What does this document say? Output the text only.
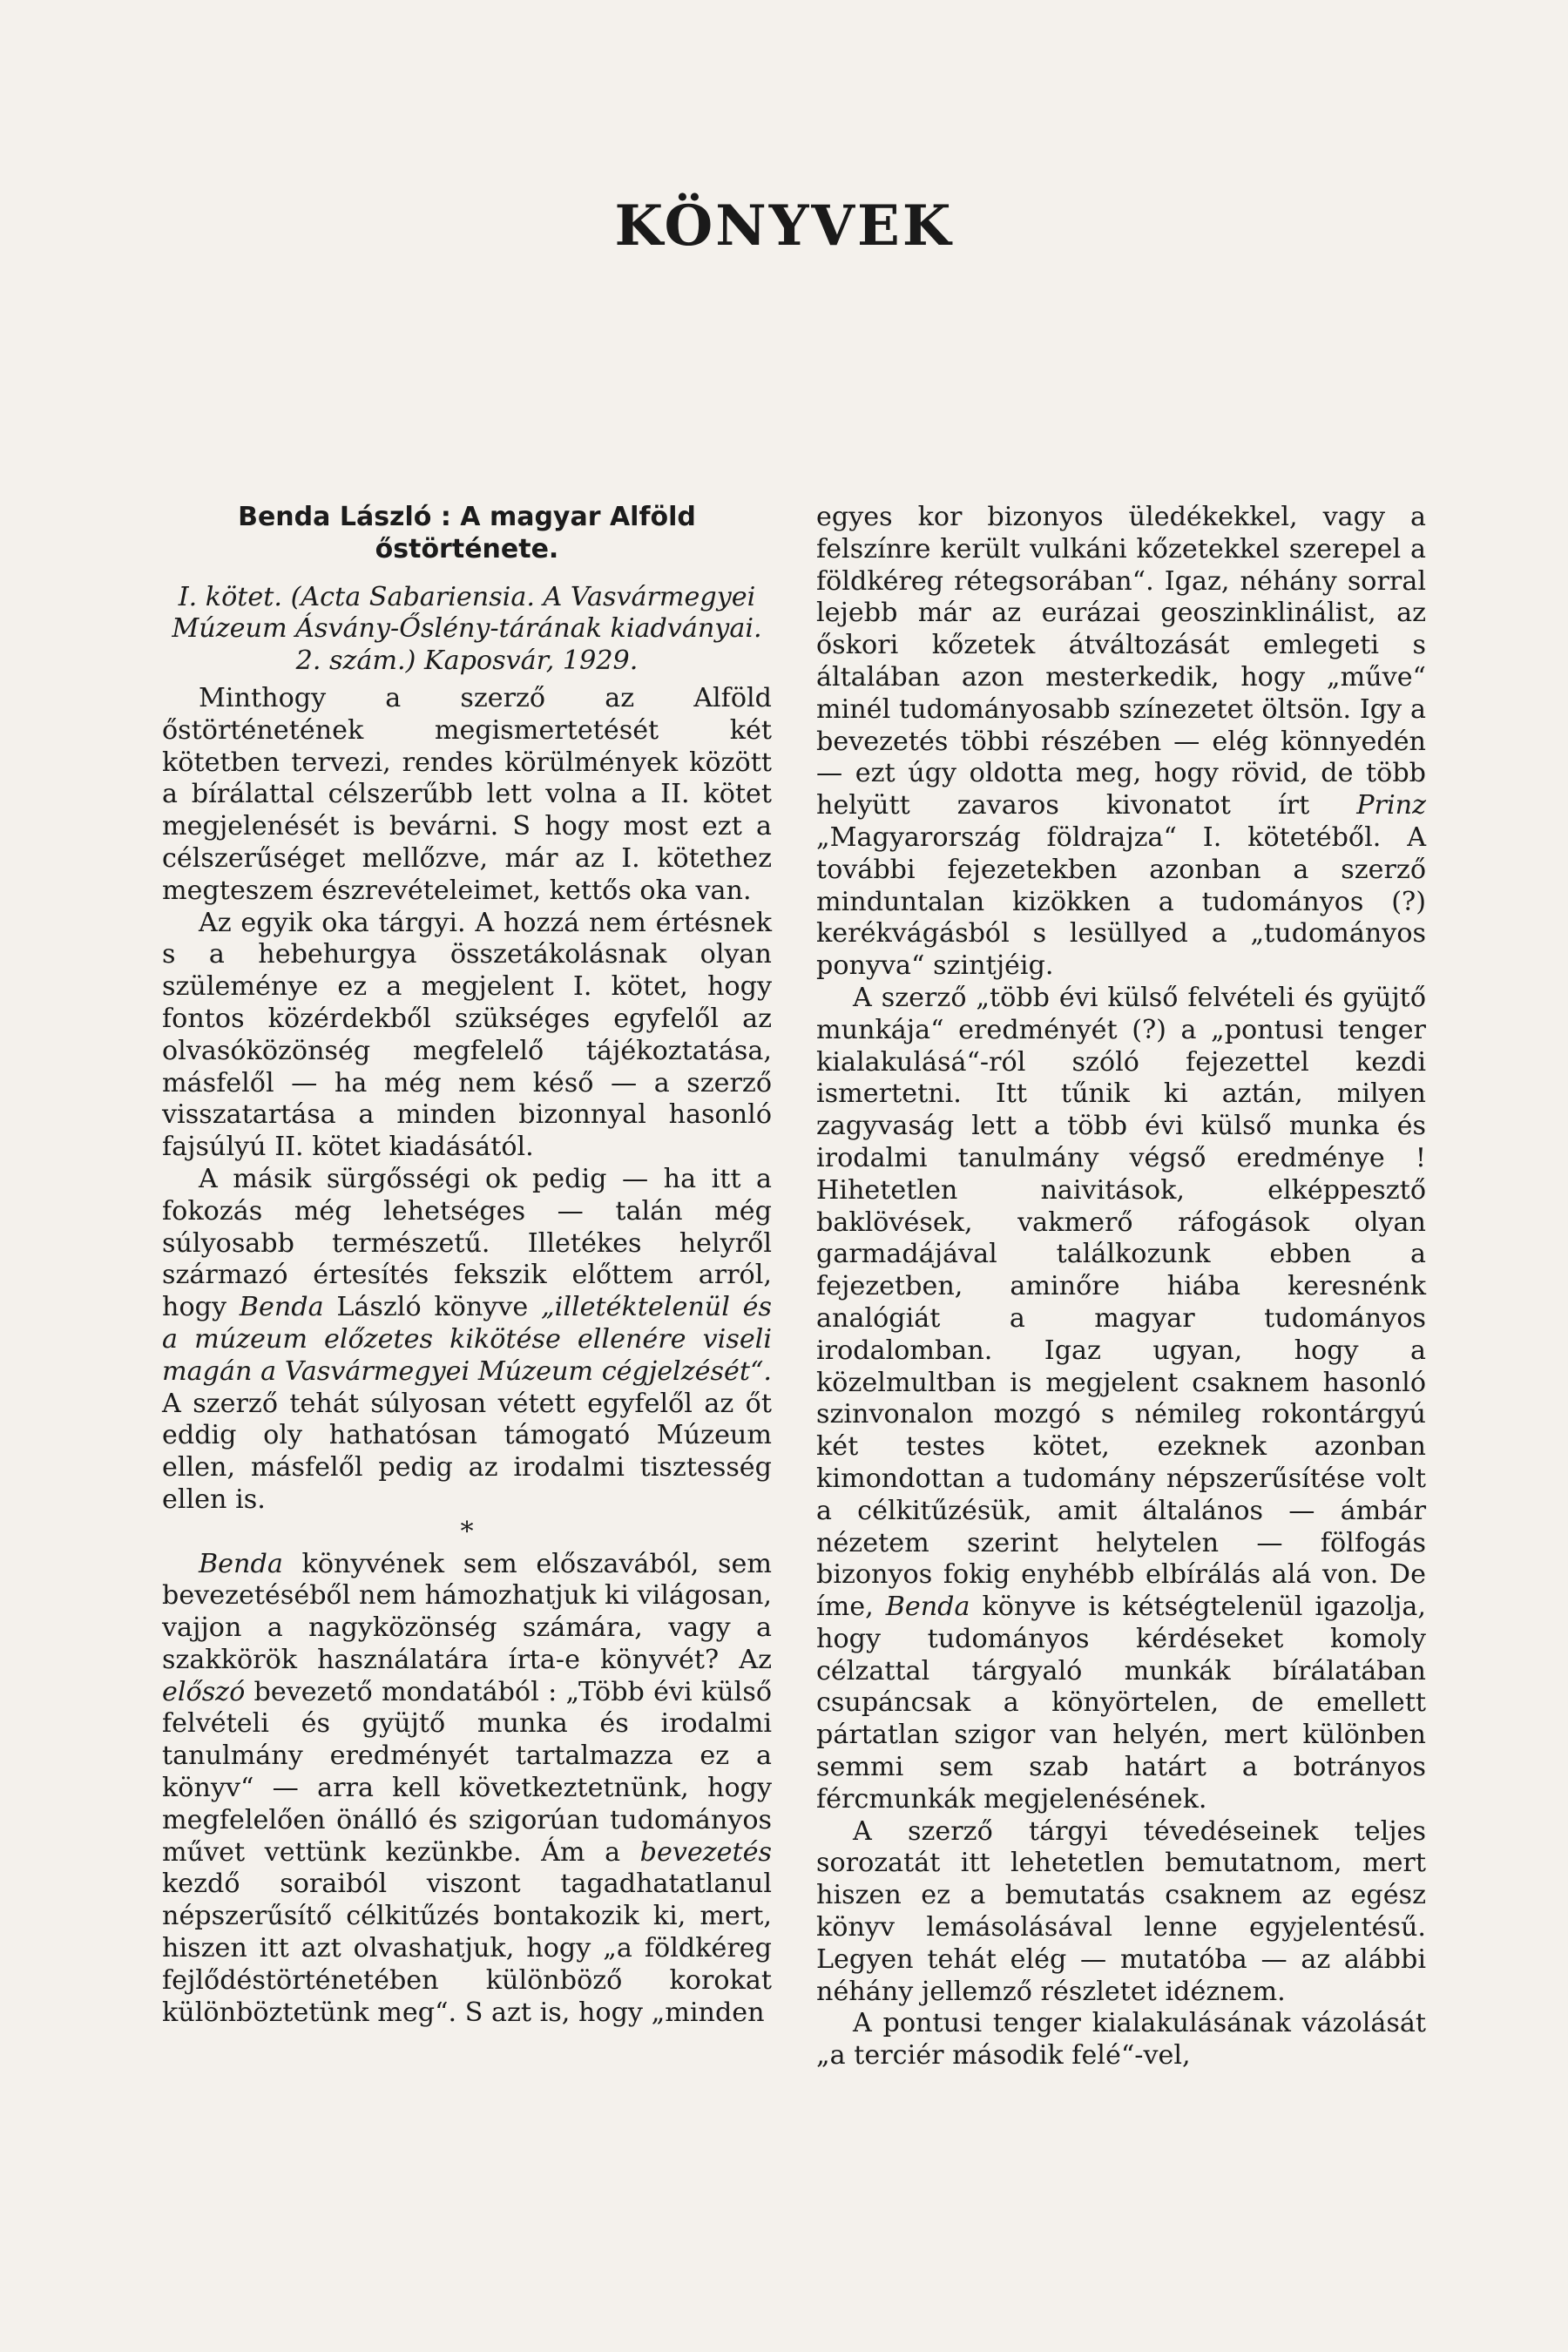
KÖNYVEK

Benda László : A magyar Alföld őstörténete.

I. kötet. (Acta Sabariensia. A Vasvármegyei Múzeum Ásvány-Őslény-tárának kiadványai. 2. szám.) Kaposvár, 1929.

Minthogy a szerző az Alföld őstörténetének megismertetését két kötetben tervezi, rendes körülmények között a bírálattal célszerűbb lett volna a II. kötet megjelenését is bevárni. S hogy most ezt a célszerűséget mellőzve, már az I. kötethez megteszem észrevételeimet, kettős oka van.

Az egyik oka tárgyi. A hozzá nem értésnek s a hebehurgya összetákolásnak olyan szüleménye ez a megjelent I. kötet, hogy fontos közérdekből szükséges egyfelől az olvasóközönség megfelelő tájékoztatása, másfelől — ha még nem késő — a szerző visszatartása a minden bizonnyal hasonló fajsúlyú II. kötet kiadásától.

A másik sürgősségi ok pedig — ha itt a fokozás még lehetséges — talán még súlyosabb természetű. Illetékes helyről származó értesítés fekszik előttem arról, hogy Benda László könyve „illetéktelenül és a múzeum előzetes kikötése ellenére viseli magán a Vasvármegyei Múzeum cégjelzését“. A szerző tehát súlyosan vétett egyfelől az őt eddig oly hathatósan támogató Múzeum ellen, másfelől pedig az irodalmi tisztesség ellen is.

*

Benda könyvének sem előszavából, sem bevezetéséből nem hámozhatjuk ki világosan, vajjon a nagyközönség számára, vagy a szakkörök használatára írta-e könyvét? Az előszó bevezető mondatából : „Több évi külső felvételi és gyüjtő munka és irodalmi tanulmány eredményét tartalmazza ez a könyv“ — arra kell következtetnünk, hogy megfelelően önálló és szigorúan tudományos művet vettünk kezünkbe. Ám a bevezetés kezdő soraiból viszont tagadhatatlanul népszerűsítő célkitűzés bontakozik ki, mert, hiszen itt azt olvashatjuk, hogy „a földkéreg fejlődéstörténetében különböző korokat különböztetünk meg“. S azt is, hogy „minden

egyes kor bizonyos üledékekkel, vagy a felszínre került vulkáni kőzetekkel szerepel a földkéreg rétegsorában“. Igaz, néhány sorral lejebb már az eurázai geoszinklinálist, az őskori kőzetek átváltozását emlegeti s általában azon mesterkedik, hogy „műve“ minél tudományosabb színezetet öltsön. Igy a bevezetés többi részében — elég könnyedén — ezt úgy oldotta meg, hogy rövid, de több helyütt zavaros kivonatot írt Prinz „Magyarország földrajza“ I. kötetéből. A további fejezetekben azonban a szerző minduntalan kizökken a tudományos (?) kerékvágásból s lesüllyed a „tudományos ponyva“ szintjéig.

A szerző „több évi külső felvételi és gyüjtő munkája“ eredményét (?) a „pontusi tenger kialakulásá“-ról szóló fejezettel kezdi ismertetni. Itt tűnik ki aztán, milyen zagyvaság lett a több évi külső munka és irodalmi tanulmány végső eredménye ! Hihetetlen naivitások, elképpesztő baklövések, vakmerő ráfogások olyan garmadájával találkozunk ebben a fejezetben, aminőre hiába keresnénk analógiát a magyar tudományos irodalomban. Igaz ugyan, hogy a közelmultban is megjelent csaknem hasonló szinvonalon mozgó s némileg rokontárgyú két testes kötet, ezeknek azonban kimondottan a tudomány népszerűsítése volt a célkitűzésük, amit általános — ámbár nézetem szerint helytelen — fölfogás bizonyos fokig enyhébb elbírálás alá von. De íme, Benda könyve is kétségtelenül igazolja, hogy tudományos kérdéseket komoly célzattal tárgyaló munkák bírálatában csupáncsak a könyörtelen, de emellett pártatlan szigor van helyén, mert különben semmi sem szab határt a botrányos fércmunkák megjelenésének.

A szerző tárgyi tévedéseinek teljes sorozatát itt lehetetlen bemutatnom, mert hiszen ez a bemutatás csaknem az egész könyv lemásolásával lenne egyjelentésű. Legyen tehát elég — mutatóba — az alábbi néhány jellemző részletet idéznem.

A pontusi tenger kialakulásának vázolását „a terciér második felé“-vel,
